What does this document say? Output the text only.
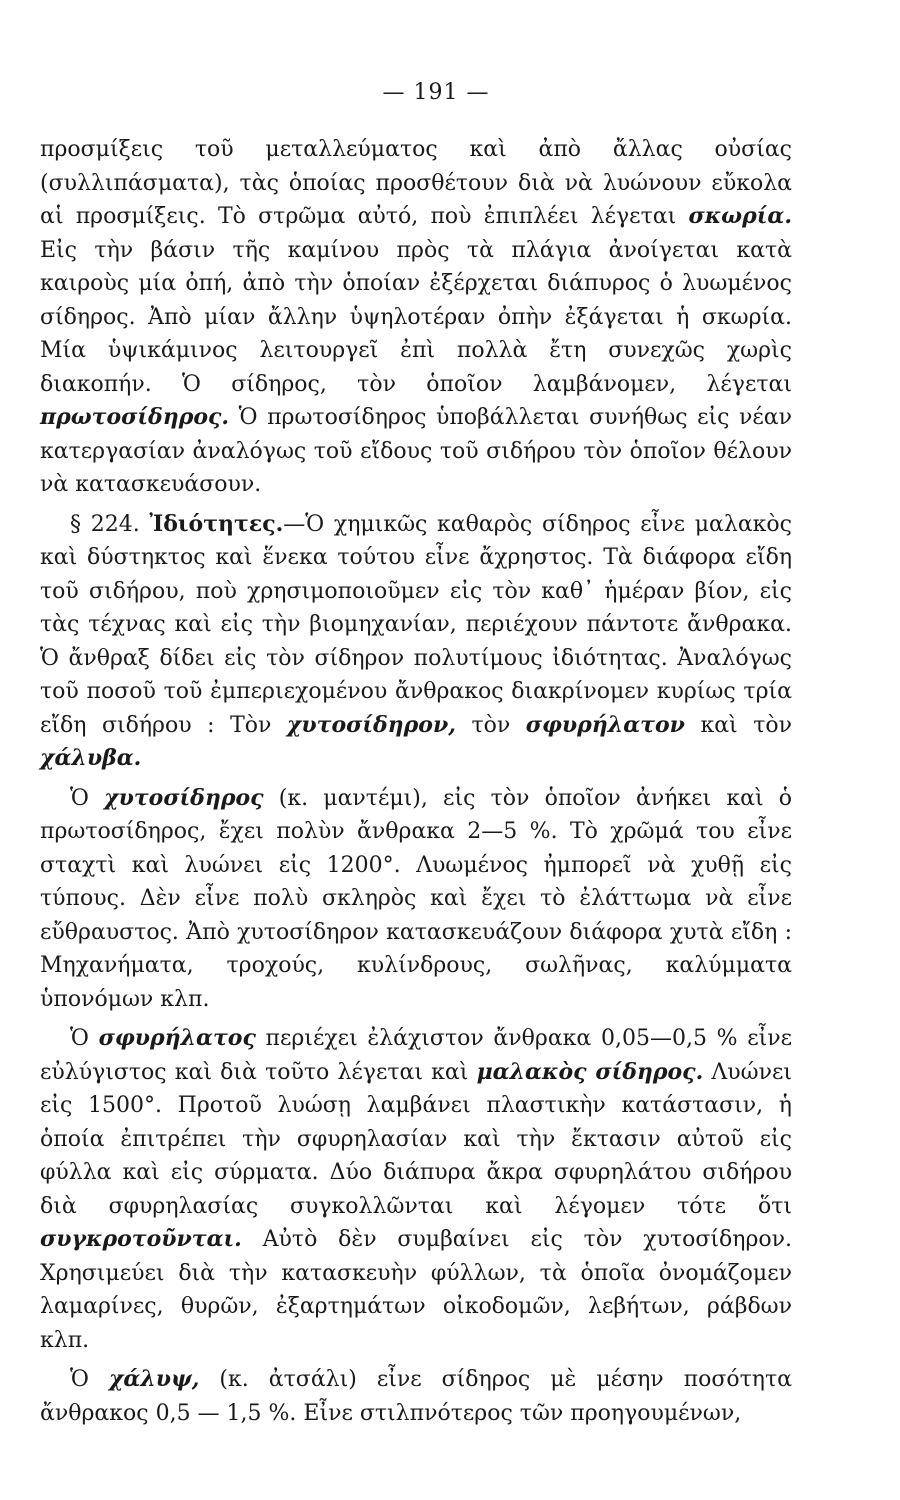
— 191 —

προσμίξεις τοῦ μεταλλεύματος καὶ ἀπὸ ἄλλας οὐσίας (συλλιπάσματα), τὰς ὁποίας προσθέτουν διὰ νὰ λυώνουν εὔκολα αἱ προσμίξεις. Τὸ στρῶμα αὐτό, ποὺ ἐπιπλέει λέγεται σκωρία. Εἰς τὴν βάσιν τῆς καμίνου πρὸς τὰ πλάγια ἀνοίγεται κατὰ καιροὺς μία ὀπή, ἀπὸ τὴν ὁποίαν ἐξέρχεται διάπυρος ὁ λυωμένος σίδηρος. Ἀπὸ μίαν ἄλλην ὑψηλοτέραν ὀπὴν ἐξάγεται ἡ σκωρία. Μία ὑψικάμινος λειτουργεῖ ἐπὶ πολλὰ ἔτη συνεχῶς χωρὶς διακοπήν. Ὁ σίδηρος, τὸν ὁποῖον λαμβάνομεν, λέγεται πρωτοσίδηρος. Ὁ πρωτοσίδηρος ὑποβάλλεται συνήθως εἰς νέαν κατεργασίαν ἀναλόγως τοῦ εἴδους τοῦ σιδήρου τὸν ὁποῖον θέλουν νὰ κατασκευάσουν.

§ 224. Ἰδιότητες.—Ὁ χημικῶς καθαρὸς σίδηρος εἶνε μαλακὸς καὶ δύστηκτος καὶ ἕνεκα τούτου εἶνε ἄχρηστος. Τὰ διάφορα εἴδη τοῦ σιδήρου, ποὺ χρησιμοποιοῦμεν εἰς τὸν καθ᾽ ἡμέραν βίον, εἰς τὰς τέχνας καὶ εἰς τὴν βιομηχανίαν, περιέχουν πάντοτε ἄνθρακα. Ὁ ἄνθραξ δίδει εἰς τὸν σίδηρον πολυτίμους ἰδιότητας. Ἀναλόγως τοῦ ποσοῦ τοῦ ἐμπεριεχομένου ἄνθρακος διακρίνομεν κυρίως τρία εἴδη σιδήρου : Τὸν χυτοσίδηρον, τὸν σφυρήλατον καὶ τὸν χάλυβα.

Ὁ χυτοσίδηρος (κ. μαντέμι), εἰς τὸν ὁποῖον ἀνήκει καὶ ὁ πρωτοσίδηρος, ἔχει πολὺν ἄνθρακα 2—5 %. Τὸ χρῶμά του εἶνε σταχτὶ καὶ λυώνει εἰς 1200°. Λυωμένος ἠμπορεῖ νὰ χυθῇ εἰς τύπους. Δὲν εἶνε πολὺ σκληρὸς καὶ ἔχει τὸ ἐλάττωμα νὰ εἶνε εὔθραυστος. Ἀπὸ χυτοσίδηρον κατασκευάζουν διάφορα χυτὰ εἴδη : Μηχανήματα, τροχούς, κυλίνδρους, σωλῆνας, καλύμματα ὑπονόμων κλπ.

Ὁ σφυρήλατος περιέχει ἐλάχιστον ἄνθρακα 0,05—0,5 % εἶνε εὐλύγιστος καὶ διὰ τοῦτο λέγεται καὶ μαλακὸς σίδηρος. Λυώνει εἰς 1500°. Πρoτοῦ λυώσῃ λαμβάνει πλαστικὴν κατάστασιν, ἡ ὁποία ἐπιτρέπει τὴν σφυρηλασίαν καὶ τὴν ἔκτασιν αὐτοῦ εἰς φύλλα καὶ εἰς σύρματα. Δύο διάπυρα ἄκρα σφυρηλάτου σιδήρου διὰ σφυρηλασίας συγκολλῶνται καὶ λέγομεν τότε ὅτι συγκροτοῦνται. Αὐτὸ δὲν συμβαίνει εἰς τὸν χυτοσίδηρον. Χρησιμεύει διὰ τὴν κατασκευὴν φύλλων, τὰ ὁποῖα ὀνομάζομεν λαμαρίνες, θυρῶν, ἐξαρτημάτων οἰκοδομῶν, λεβήτων, ράβδων κλπ.

Ὁ χάλυψ, (κ. ἀτσάλι) εἶνε σίδηρος μὲ μέσην ποσότητα ἄνθρακος 0,5 — 1,5 %. Εἶνε στιλπνότερος τῶν προηγουμένων,
